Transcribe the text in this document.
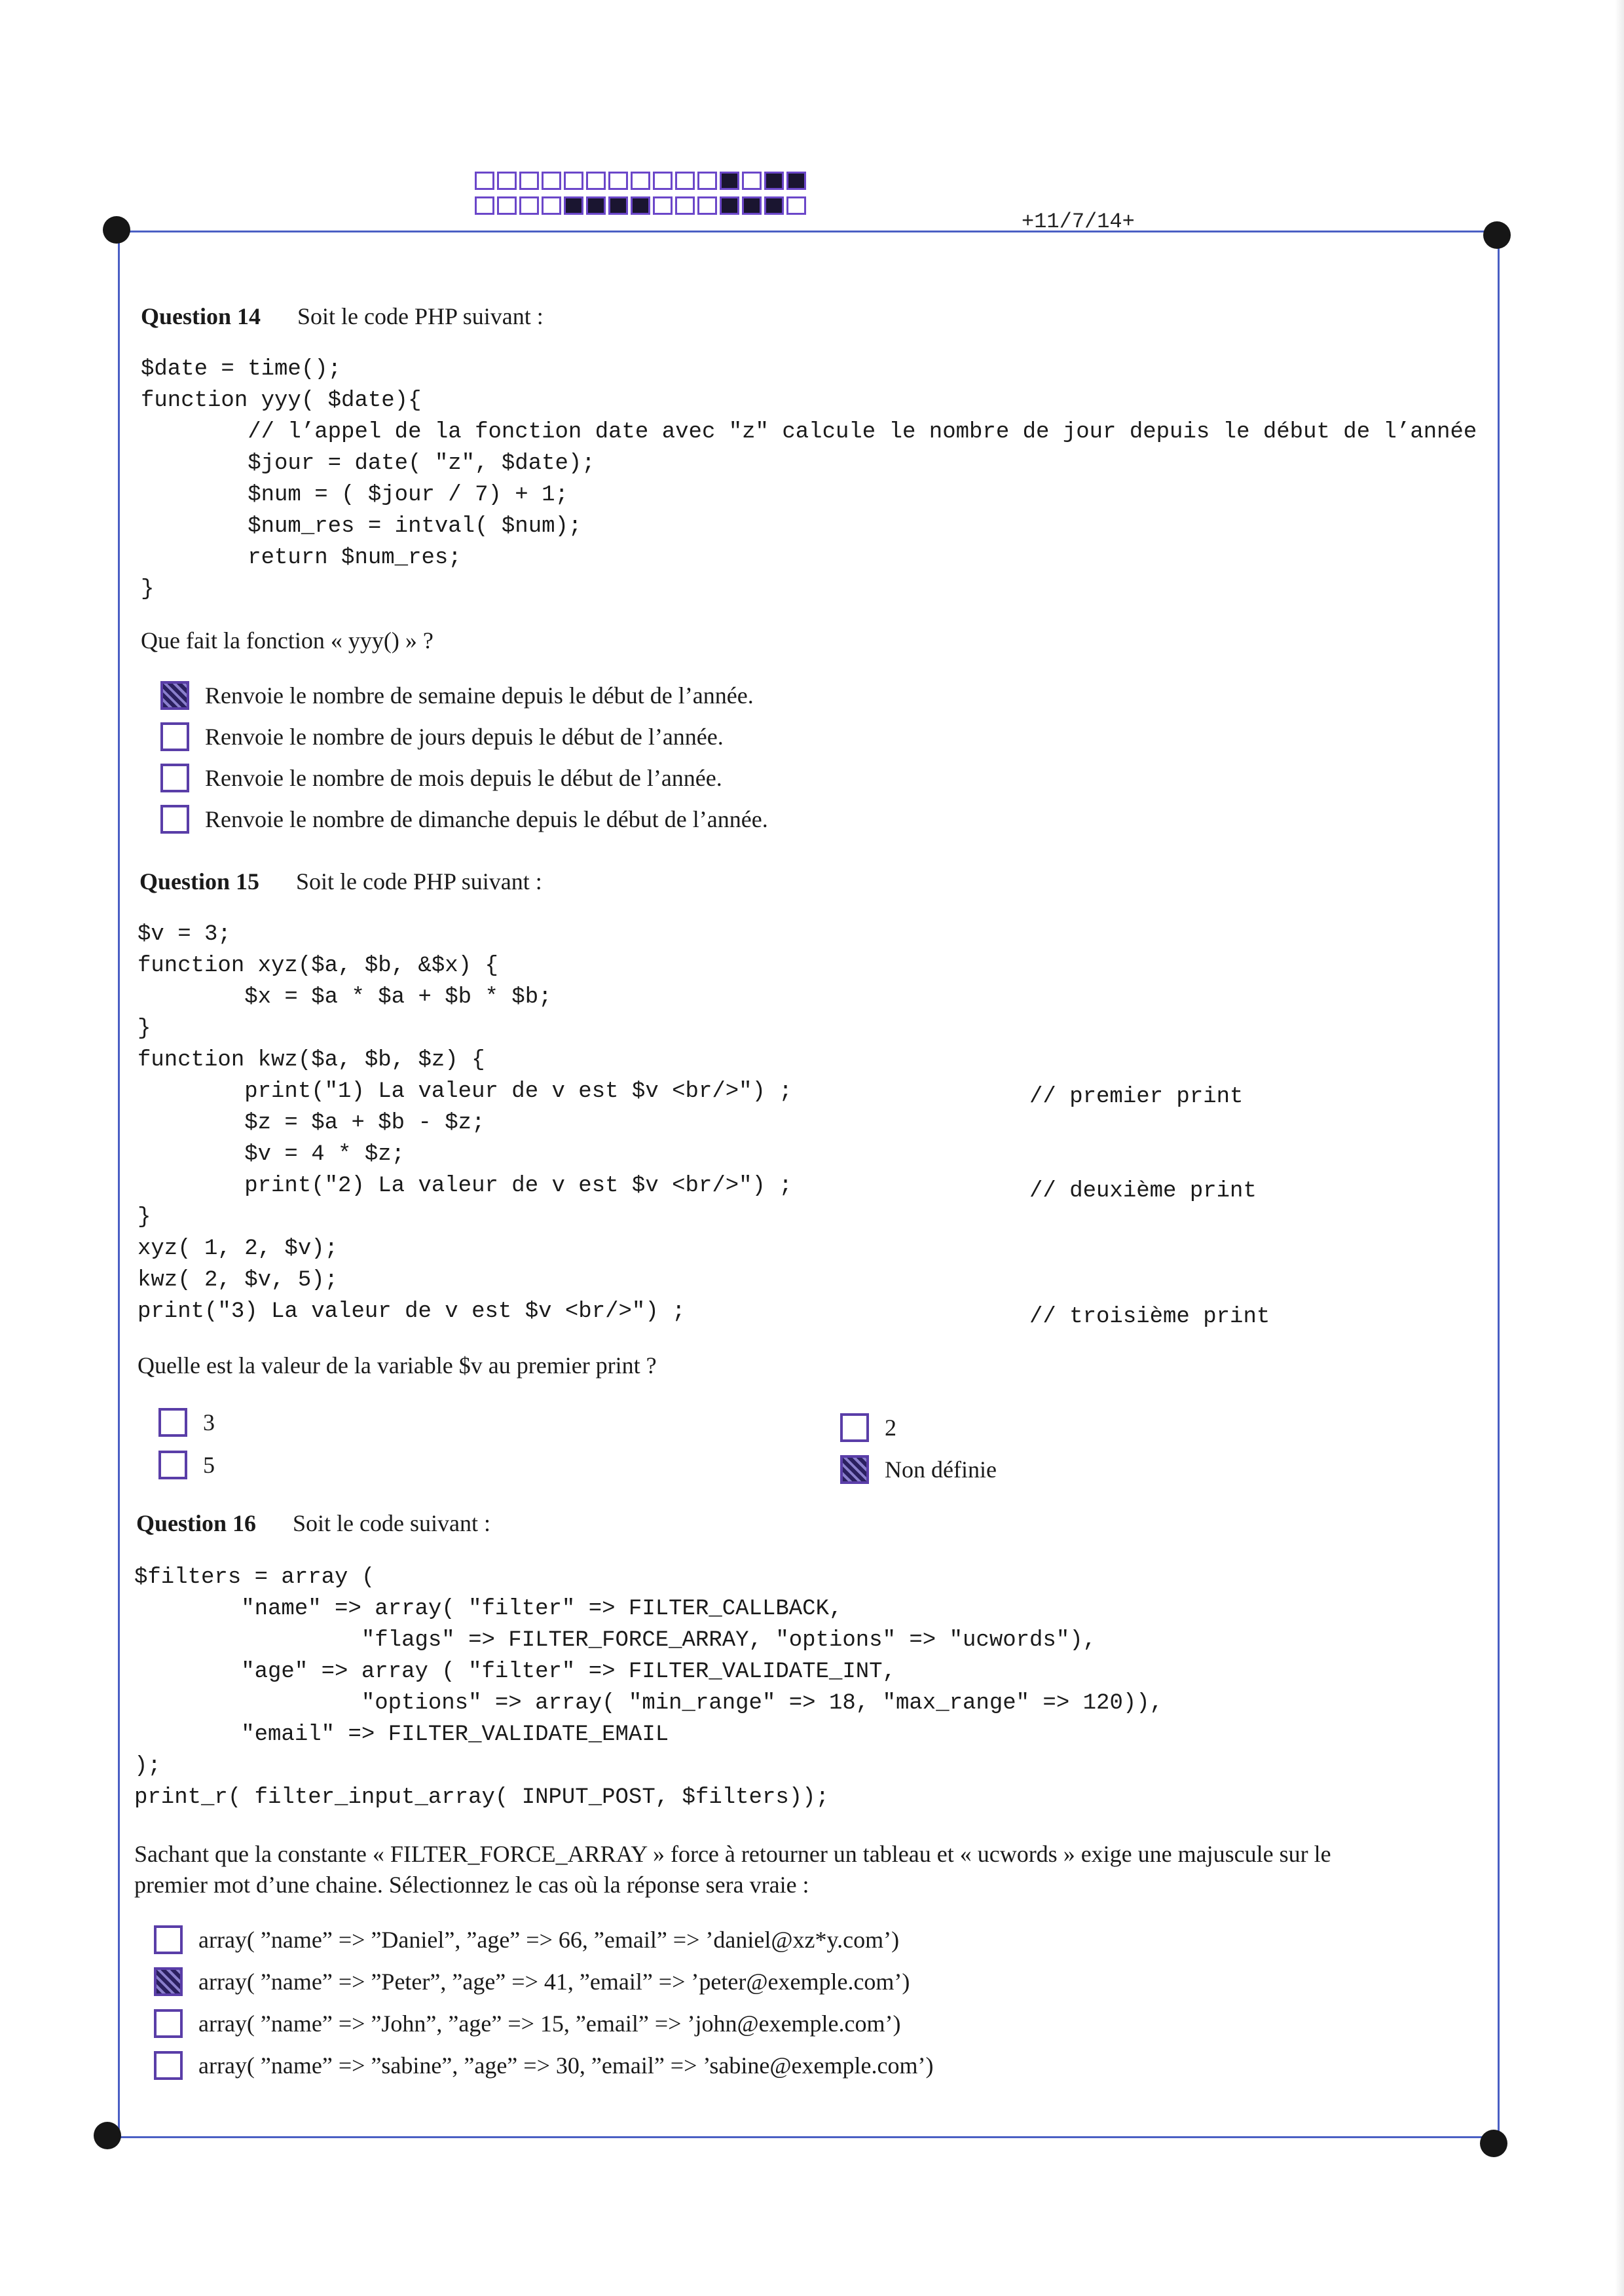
+11/7/14+
Question 14 Soit le code PHP suivant :
$date = time();
function yyy( $date){
// l’appel de la fonction date avec "z" calcule le nombre de jour depuis le début de l’année
$jour = date( "z", $date);
$num = ( $jour / 7) + 1;
$num_res = intval( $num);
return $num_res;
}
Que fait la fonction « yyy() » ?
Renvoie le nombre de semaine depuis le début de l’année.
Renvoie le nombre de jours depuis le début de l’année.
Renvoie le nombre de mois depuis le début de l’année.
Renvoie le nombre de dimanche depuis le début de l’année.
Question 15 Soit le code PHP suivant :
$v = 3;
function xyz($a, $b, &$x) {
$x = $a * $a + $b * $b;
}
function kwz($a, $b, $z) {
print("1) La valeur de v est $v <br/>") ;
$z = $a + $b - $z;
$v = 4 * $z;
print("2) La valeur de v est $v <br/>") ;
}
xyz( 1, 2, $v);
kwz( 2, $v, 5);
print("3) La valeur de v est $v <br/>") ;
// premier print
// deuxième print
// troisième print
Quelle est la valeur de la variable $v au premier print ?
3	2
5	Non définie
Question 16 Soit le code suivant :
$filters = array (
"name" => array( "filter" => FILTER_CALLBACK,
"flags" => FILTER_FORCE_ARRAY, "options" => "ucwords"),
"age" => array ( "filter" => FILTER_VALIDATE_INT,
"options" => array( "min_range" => 18, "max_range" => 120)),
"email" => FILTER_VALIDATE_EMAIL
);
print_r( filter_input_array( INPUT_POST, $filters));
Sachant que la constante « FILTER_FORCE_ARRAY » force à retourner un tableau et « ucwords » exige une majuscule sur le
premier mot d’une chaine. Sélectionnez le cas où la réponse sera vraie :
array( ”name” => ”Daniel”, ”age” => 66, ”email” => ’daniel@xz*y.com’)
array( ”name” => ”Peter”, ”age” => 41, ”email” => ’peter@exemple.com’)
array( ”name” => ”John”, ”age” => 15, ”email” => ’john@exemple.com’)
array( ”name” => ”sabine”, ”age” => 30, ”email” => ’sabine@exemple.com’)
